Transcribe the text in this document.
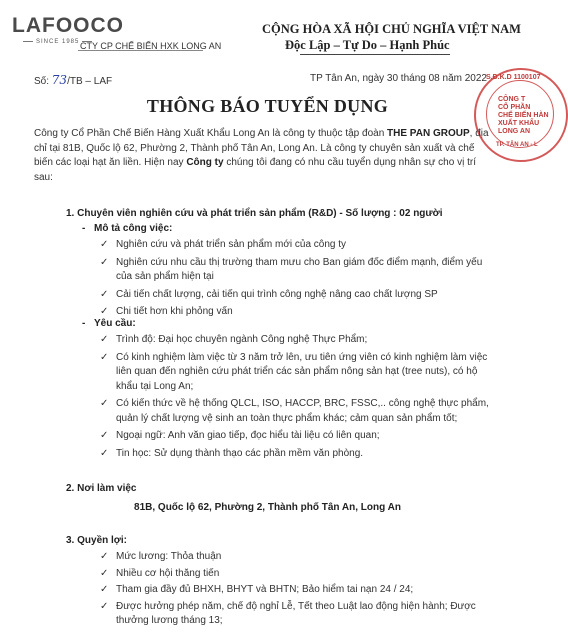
LAFOOCO
SINCE 1985 CTY CP CHẾ BIẾN HXK LONG AN
CỘNG HÒA XÃ HỘI CHỦ NGHĨA VIỆT NAM
Độc Lập – Tự Do – Hạnh Phúc
Số: 73/TB – LAF	TP Tân An, ngày 30 tháng 08 năm 2022 S.Đ.K.D 1100107
CÔNG T
CỔ PHẦN
CHẾ BIẾN HÀN
XUẤT KHẨU
LONG AN
TP. TÂN AN - L
THÔNG BÁO TUYỂN DỤNG
Công ty Cổ Phần Chế Biến Hàng Xuất Khẩu Long An là công ty thuộc tập đoàn THE PAN GROUP, địa chỉ tại 81B, Quốc lộ 62, Phường 2, Thành phố Tân An, Long An. Là công ty chuyên sản xuất và chế biến các loại hạt ăn liền. Hiện nay Công ty chúng tôi đang có nhu cầu tuyển dụng nhân sự cho vị trí sau:
1. Chuyên viên nghiên cứu và phát triển sản phẩm (R&D) - Số lượng : 02 người
- Mô tả công việc:
✓ Nghiên cứu và phát triển sản phẩm mới của công ty
✓ Nghiên cứu nhu cầu thị trường tham mưu cho Ban giám đốc điểm mạnh, điểm yếu của sản phẩm hiện tại
✓ Cải tiến chất lượng, cải tiến qui trình công nghệ nâng cao chất lượng SP
✓ Chi tiết hơn khi phỏng vấn
- Yêu cầu:
✓ Trình độ: Đại học chuyên ngành Công nghệ Thực Phẩm;
✓ Có kinh nghiệm làm việc từ 3 năm trở lên, ưu tiên ứng viên có kinh nghiệm làm việc liên quan đến nghiên cứu phát triển các sản phẩm nông sản hạt (tree nuts), có hộ khẩu tại Long An;
✓ Có kiến thức về hệ thống QLCL, ISO, HACCP, BRC, FSSC,.. công nghệ thực phẩm, quản lý chất lượng vệ sinh an toàn thực phẩm khác; cảm quan sản phẩm tốt;
✓ Ngoại ngữ: Anh văn giao tiếp, đọc hiểu tài liệu có liên quan;
✓ Tin học: Sử dụng thành thạo các phần mềm văn phòng.
2. Nơi làm việc
81B, Quốc lộ 62, Phường 2, Thành phố Tân An, Long An
3. Quyền lợi:
✓ Mức lương: Thỏa thuận
✓ Nhiều cơ hội thăng tiến
✓ Tham gia đầy đủ BHXH, BHYT và BHTN; Bảo hiểm tai nạn 24 / 24;
✓ Được hưởng phép năm, chế độ nghỉ Lễ, Tết theo Luật lao động hiện hành; Được thưởng lương tháng 13;
